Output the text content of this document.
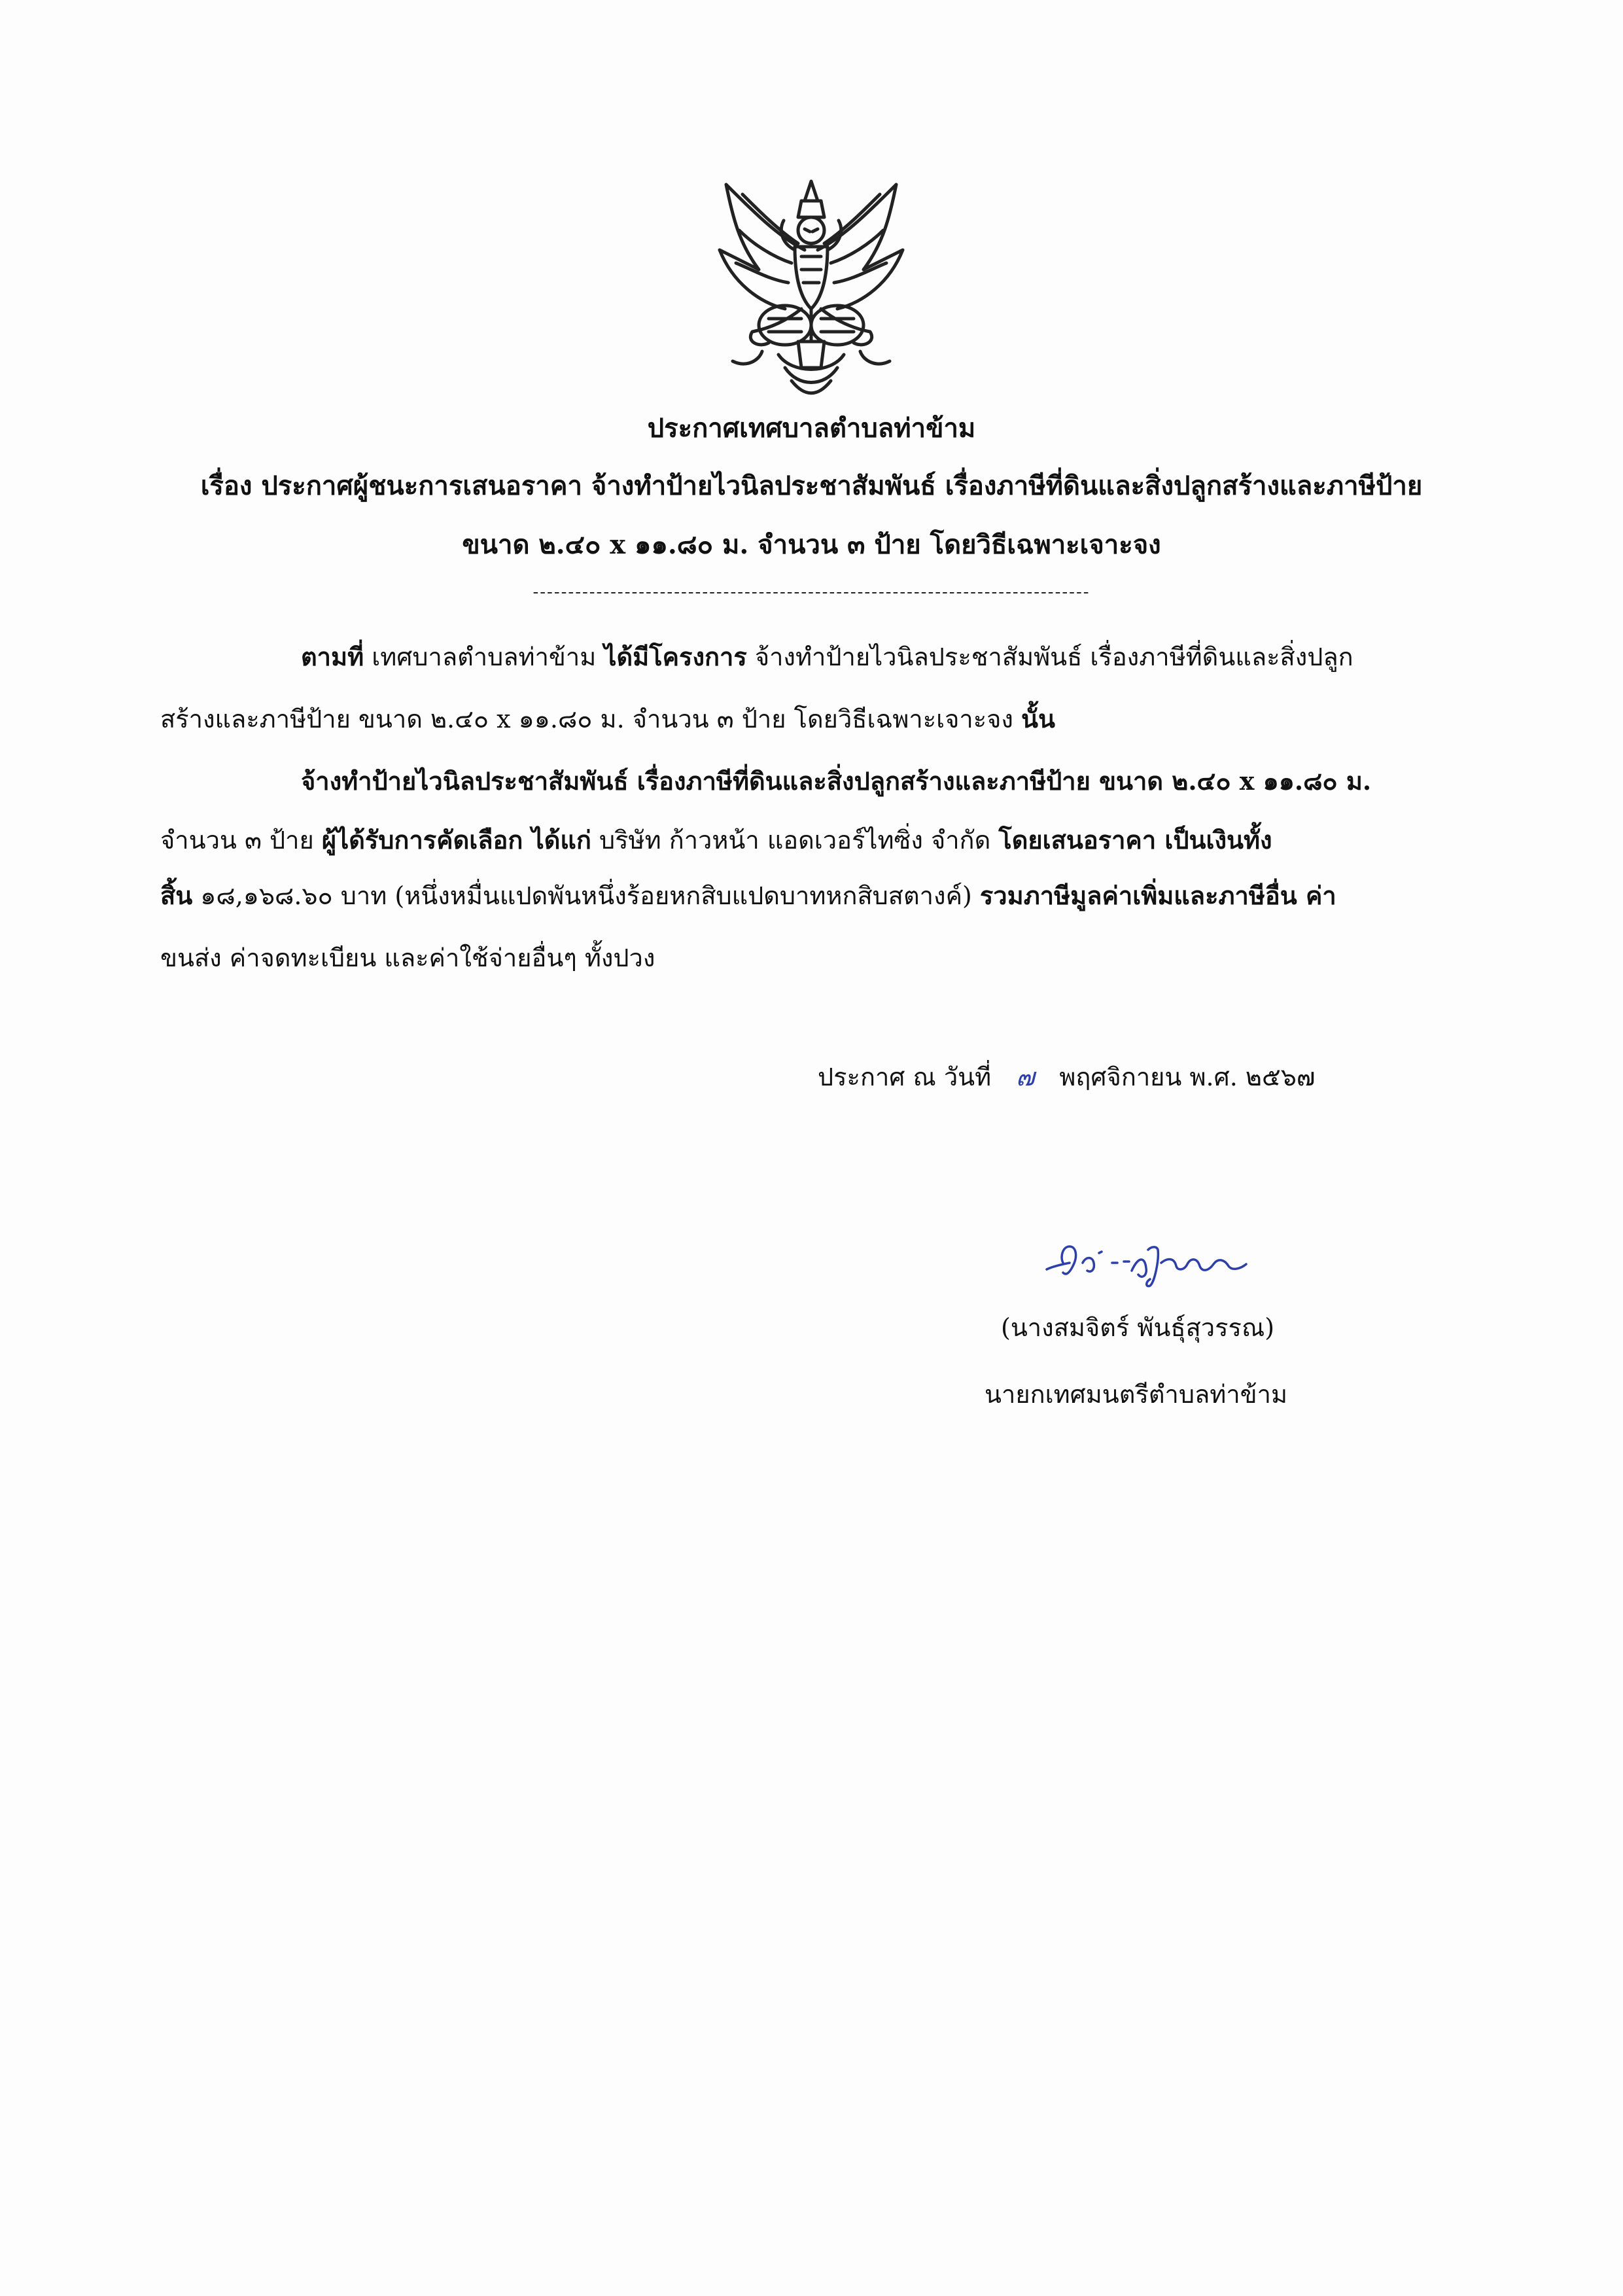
ประกาศเทศบาลตำบลท่าข้าม
เรื่อง ประกาศผู้ชนะการเสนอราคา จ้างทำป้ายไวนิลประชาสัมพันธ์ เรื่องภาษีที่ดินและสิ่งปลูกสร้างและภาษีป้าย
ขนาด ๒.๔๐ x ๑๑.๘๐ ม. จำนวน ๓ ป้าย โดยวิธีเฉพาะเจาะจง
-------------------------------------------------------------------------------
ตามที่ เทศบาลตำบลท่าข้าม ได้มีโครงการ จ้างทำป้ายไวนิลประชาสัมพันธ์ เรื่องภาษีที่ดินและสิ่งปลูก
สร้างและภาษีป้าย ขนาด ๒.๔๐ x ๑๑.๘๐ ม. จำนวน ๓ ป้าย โดยวิธีเฉพาะเจาะจง นั้น
จ้างทำป้ายไวนิลประชาสัมพันธ์ เรื่องภาษีที่ดินและสิ่งปลูกสร้างและภาษีป้าย ขนาด ๒.๔๐ x ๑๑.๘๐ ม.
จำนวน ๓ ป้าย ผู้ได้รับการคัดเลือก ได้แก่ บริษัท ก้าวหน้า แอดเวอร์ไทซิ่ง จำกัด โดยเสนอราคา เป็นเงินทั้ง
สิ้น ๑๘,๑๖๘.๖๐ บาท (หนึ่งหมื่นแปดพันหนึ่งร้อยหกสิบแปดบาทหกสิบสตางค์) รวมภาษีมูลค่าเพิ่มและภาษีอื่น ค่า
ขนส่ง ค่าจดทะเบียน และค่าใช้จ่ายอื่นๆ ทั้งปวง
ประกาศ ณ วันที่ ๗ พฤศจิกายน พ.ศ. ๒๕๖๗
(นางสมจิตร์ พันธุ์สุวรรณ)
นายกเทศมนตรีตำบลท่าข้าม
